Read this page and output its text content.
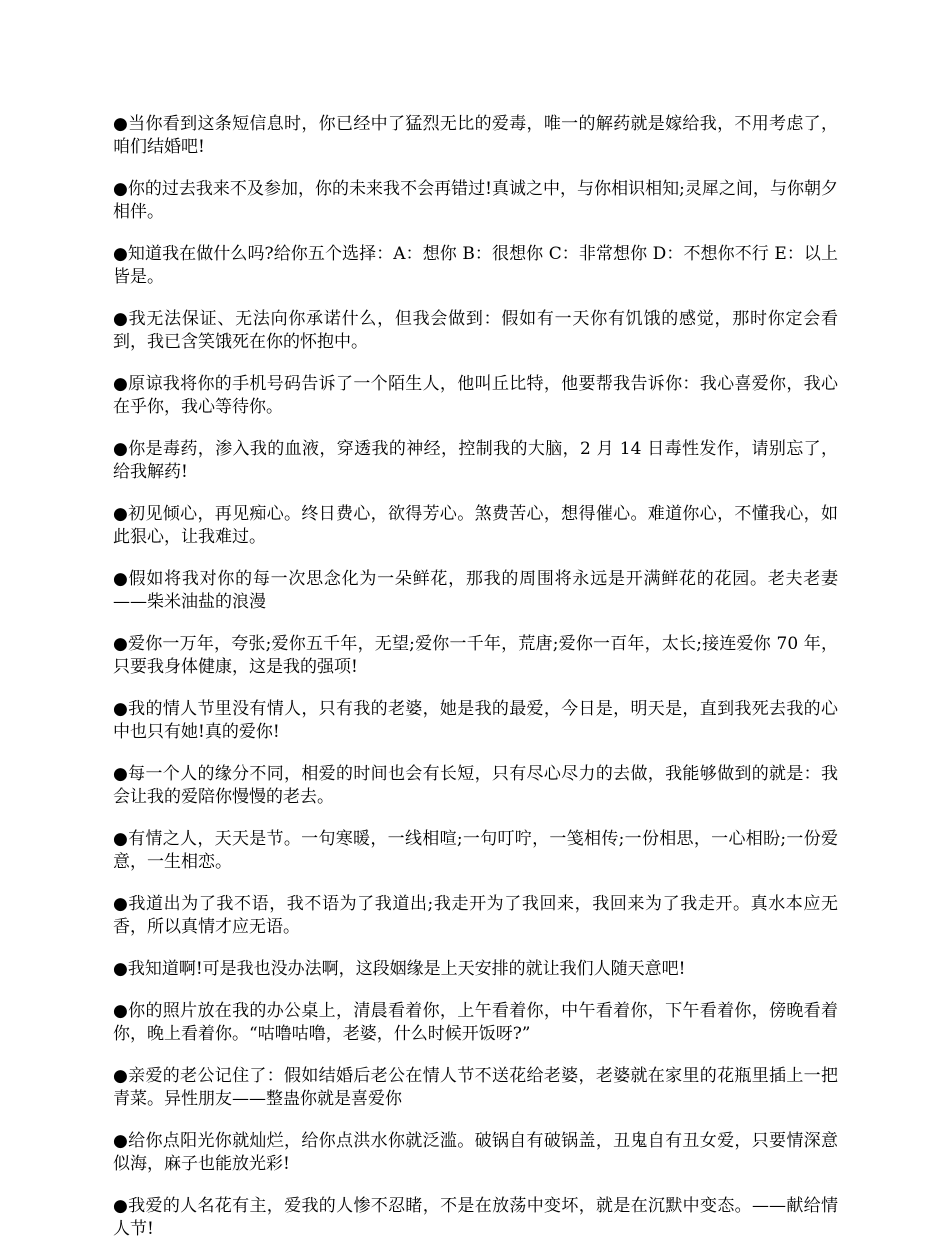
●当你看到这条短信息时，你已经中了猛烈无比的爱毒，唯一的解药就是嫁给我，不用考虑了，咱们结婚吧!

●你的过去我来不及参加，你的未来我不会再错过!真诚之中，与你相识相知;灵犀之间，与你朝夕相伴。

●知道我在做什么吗?给你五个选择：A：想你 B：很想你 C：非常想你 D：不想你不行 E：以上皆是。

●我无法保证、无法向你承诺什么，但我会做到：假如有一天你有饥饿的感觉，那时你定会看到，我已含笑饿死在你的怀抱中。

●原谅我将你的手机号码告诉了一个陌生人，他叫丘比特，他要帮我告诉你：我心喜爱你，我心在乎你，我心等待你。

●你是毒药，渗入我的血液，穿透我的神经，控制我的大脑，2 月 14 日毒性发作，请别忘了，给我解药!

●初见倾心，再见痴心。终日费心，欲得芳心。煞费苦心，想得催心。难道你心，不懂我心，如此狠心，让我难过。

●假如将我对你的每一次思念化为一朵鲜花，那我的周围将永远是开满鲜花的花园。老夫老妻——柴米油盐的浪漫

●爱你一万年，夸张;爱你五千年，无望;爱你一千年，荒唐;爱你一百年，太长;接连爱你 70 年，只要我身体健康，这是我的强项!

●我的情人节里没有情人，只有我的老婆，她是我的最爱，今日是，明天是，直到我死去我的心中也只有她!真的爱你!

●每一个人的缘分不同，相爱的时间也会有长短，只有尽心尽力的去做，我能够做到的就是：我会让我的爱陪你慢慢的老去。

●有情之人，天天是节。一句寒暖，一线相喧;一句叮咛，一笺相传;一份相思，一心相盼;一份爱意，一生相恋。

●我道出为了我不语，我不语为了我道出;我走开为了我回来，我回来为了我走开。真水本应无香，所以真情才应无语。

●我知道啊!可是我也没办法啊，这段姻缘是上天安排的就让我们人随天意吧!

●你的照片放在我的办公桌上，清晨看着你，上午看着你，中午看着你，下午看着你，傍晚看着你，晚上看着你。“咕噜咕噜，老婆，什么时候开饭呀?”

●亲爱的老公记住了：假如结婚后老公在情人节不送花给老婆，老婆就在家里的花瓶里插上一把青菜。异性朋友——整蛊你就是喜爱你

●给你点阳光你就灿烂，给你点洪水你就泛滥。破锅自有破锅盖，丑鬼自有丑女爱，只要情深意似海，麻子也能放光彩!

●我爱的人名花有主，爱我的人惨不忍睹，不是在放荡中变坏，就是在沉默中变态。——献给情人节!
